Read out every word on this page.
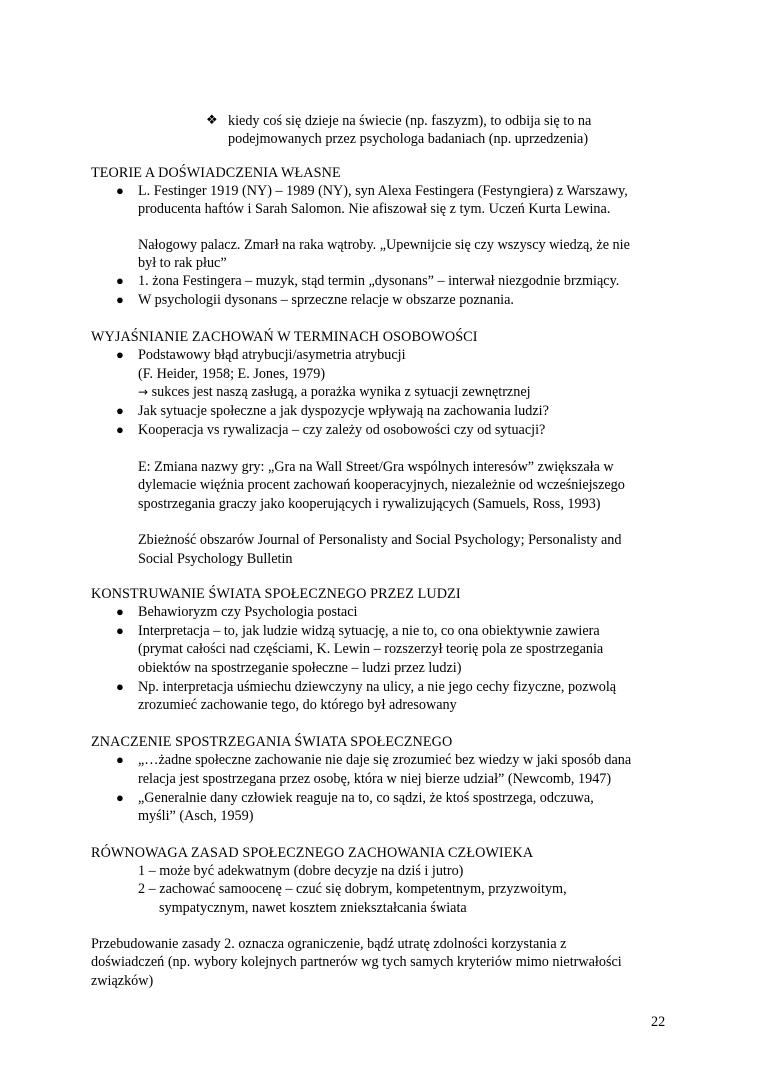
❖ kiedy coś się dzieje na świecie (np. faszyzm), to odbija się to na
podejmowanych przez psychologa badaniach (np. uprzedzenia)
TEORIE A DOŚWIADCZENIA WŁASNE
● L. Festinger 1919 (NY) – 1989 (NY), syn Alexa Festingera (Festyngiera) z Warszawy,
producenta haftów i Sarah Salomon. Nie afiszował się z tym. Uczeń Kurta Lewina.
Nałogowy palacz. Zmarł na raka wątroby. „Upewnijcie się czy wszyscy wiedzą, że nie
był to rak płuc”
● 1. żona Festingera – muzyk, stąd termin „dysonans” – interwał niezgodnie brzmiący.
● W psychologii dysonans – sprzeczne relacje w obszarze poznania.
WYJAŚNIANIE ZACHOWAŃ W TERMINACH OSOBOWOŚCI
● Podstawowy błąd atrybucji/asymetria atrybucji
(F. Heider, 1958; E. Jones, 1979)
→ sukces jest naszą zasługą, a porażka wynika z sytuacji zewnętrznej
● Jak sytuacje społeczne a jak dyspozycje wpływają na zachowania ludzi?
● Kooperacja vs rywalizacja – czy zależy od osobowości czy od sytuacji?
E: Zmiana nazwy gry: „Gra na Wall Street/Gra wspólnych interesów” zwiększała w
dylemacie więźnia procent zachowań kooperacyjnych, niezależnie od wcześniejszego
spostrzegania graczy jako kooperujących i rywalizujących (Samuels, Ross, 1993)
Zbieżność obszarów Journal of Personalisty and Social Psychology; Personalisty and
Social Psychology Bulletin
KONSTRUWANIE ŚWIATA SPOŁECZNEGO PRZEZ LUDZI
● Behawioryzm czy Psychologia postaci
● Interpretacja – to, jak ludzie widzą sytuację, a nie to, co ona obiektywnie zawiera
(prymat całości nad częściami, K. Lewin – rozszerzył teorię pola ze spostrzegania
obiektów na spostrzeganie społeczne – ludzi przez ludzi)
● Np. interpretacja uśmiechu dziewczyny na ulicy, a nie jego cechy fizyczne, pozwolą
zrozumieć zachowanie tego, do którego był adresowany
ZNACZENIE SPOSTRZEGANIA ŚWIATA SPOŁECZNEGO
● „…żadne społeczne zachowanie nie daje się zrozumieć bez wiedzy w jaki sposób dana
relacja jest spostrzegana przez osobę, która w niej bierze udział” (Newcomb, 1947)
● „Generalnie dany człowiek reaguje na to, co sądzi, że ktoś spostrzega, odczuwa,
myśli” (Asch, 1959)
RÓWNOWAGA ZASAD SPOŁECZNEGO ZACHOWANIA CZŁOWIEKA
1 – może być adekwatnym (dobre decyzje na dziś i jutro)
2 – zachować samoocenę – czuć się dobrym, kompetentnym, przyzwoitym,
sympatycznym, nawet kosztem zniekształcania świata
Przebudowanie zasady 2. oznacza ograniczenie, bądź utratę zdolności korzystania z
doświadczeń (np. wybory kolejnych partnerów wg tych samych kryteriów mimo nietrwałości
związków)
22
